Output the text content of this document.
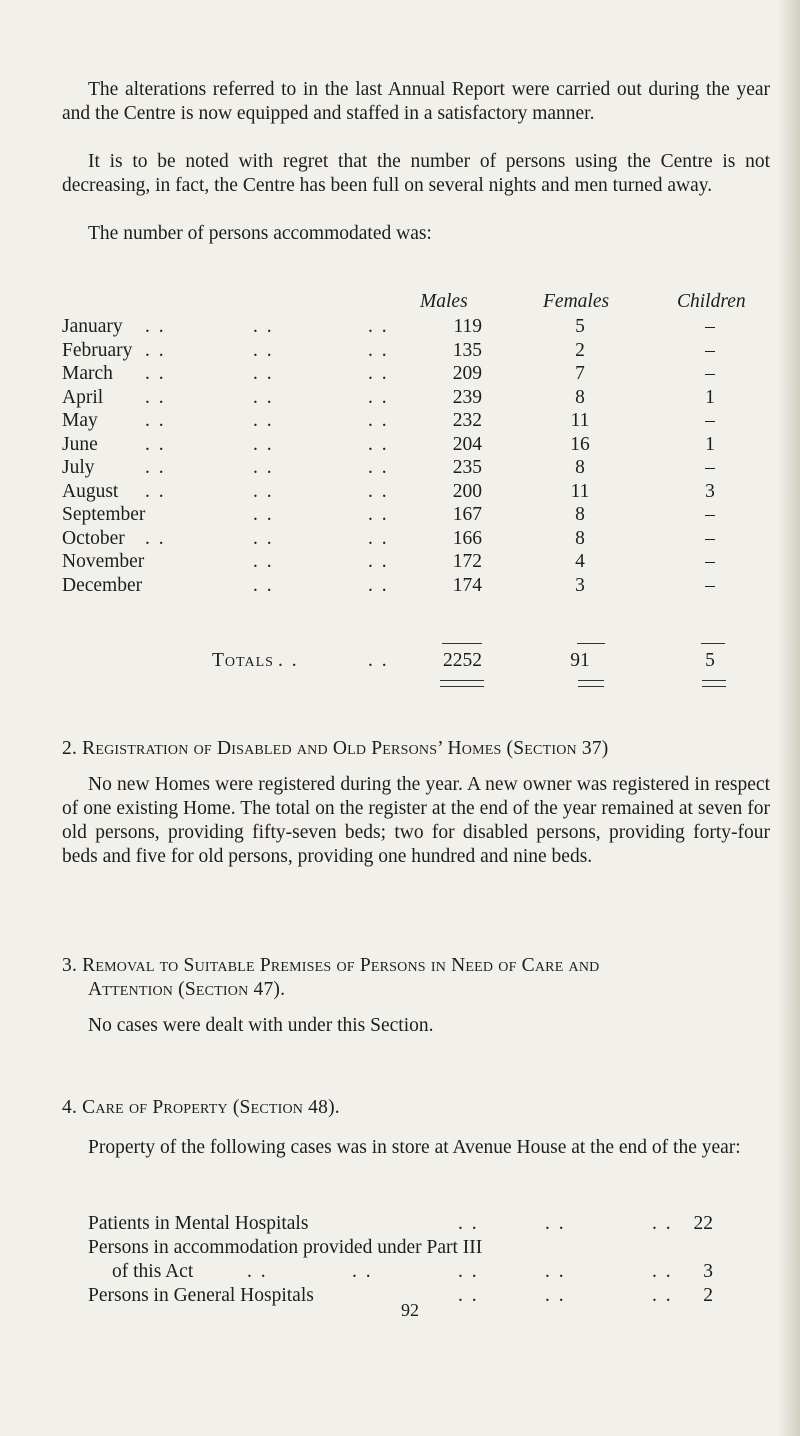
The alterations referred to in the last Annual Report were carried out during the year and the Centre is now equipped and staffed in a satisfactory manner.

It is to be noted with regret that the number of persons using the Centre is not decreasing, in fact, the Centre has been full on several nights and men turned away.

The number of persons accommodated was:

Males	Females	Children
January . .	. .	. .	119	5	–
February . .	. .	. .	135	2	–
March . .	. .	. .	209	7	–
April . .	. .	. .	239	8	1
May . .	. .	. .	232	11	–
June . .	. .	. .	204	16	1
July	. .	. .	. .	235	8	–
August . .	. .	. .	200	11	3
September	. .	. .	167	8	–
October . .	. .	. .	166	8	–
November	. .	. .	172	4	–
December	. .	. .	174	3	–
Totals . .	. .	2252	91	5
2. Registration of Disabled and Old Persons’ Homes (Section 37)

No new Homes were registered during the year. A new owner was registered in respect of one existing Home. The total on the register at the end of the year remained at seven for old persons, providing fifty-seven beds; two for disabled persons, providing forty-four beds and five for old persons, providing one hundred and nine beds.

3. Removal to Suitable Premises of Persons in Need of Care and
Attention (Section 47).

No cases were dealt with under this Section.

4. Care of Property (Section 48).

Property of the following cases was in store at Avenue House at the end of the year:

Patients in Mental Hospitals	. .	. .	. .	22
Persons in accommodation provided under Part III
of this Act	. .	. .	. .	. .	. .	3
Persons in General Hospitals	. .	. .	. .	2
92
